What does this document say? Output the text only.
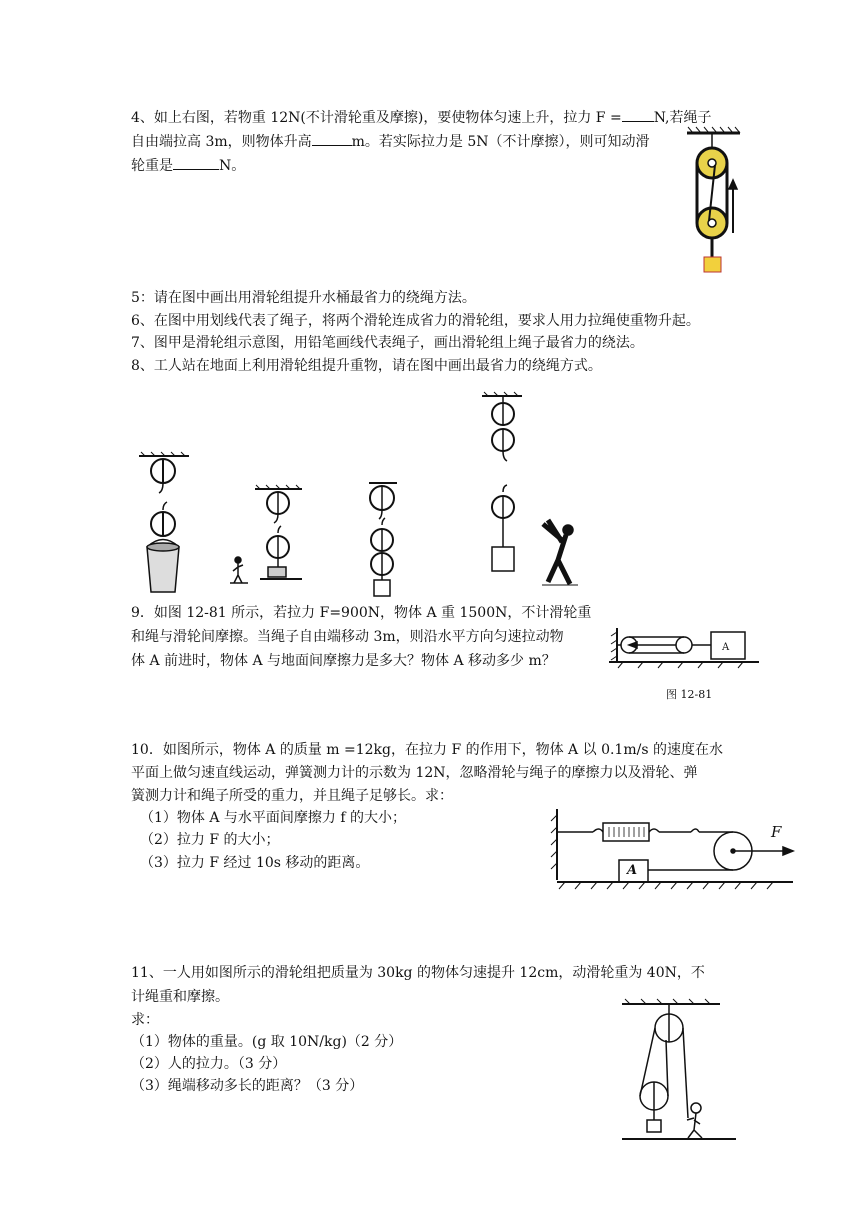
4、如上右图，若物重 12N(不计滑轮重及摩擦)，要使物体匀速上升，拉力 F = N,若绳子
自由端拉高 3m，则物体升高	m。若实际拉力是 5N（不计摩擦），则可知动滑
轮重是	N。
5：请在图中画出用滑轮组提升水桶最省力的绕绳方法。
6、在图中用划线代表了绳子，将两个滑轮连成省力的滑轮组，要求人用力拉绳使重物升起。
7、图甲是滑轮组示意图，用铅笔画线代表绳子，画出滑轮组上绳子最省力的绕法。
8、工人站在地面上利用滑轮组提升重物，请在图中画出最省力的绕绳方式。
9．如图 12-81 所示，若拉力 F=900N，物体 A 重 1500N，不计滑轮重
和绳与滑轮间摩擦。当绳子自由端移动 3m，则沿水平方向匀速拉动物
体 A 前进时，物体 A 与地面间摩擦力是多大？物体 A 移动多少 m？
A
图 12-81
10．如图所示，物体 A 的质量 m =12kg，在拉力 F 的作用下，物体 A 以 0.1m/s 的速度在水
平面上做匀速直线运动，弹簧测力计的示数为 12N，忽略滑轮与绳子的摩擦力以及滑轮、弹
簧测力计和绳子所受的重力，并且绳子足够长。求：
（1）物体 A 与水平面间摩擦力 f 的大小；
（2）拉力 F 的大小；
（3）拉力 F 经过 10s 移动的距离。	A
F
11、一人用如图所示的滑轮组把质量为 30kg 的物体匀速提升 12cm，动滑轮重为 40N，不
计绳重和摩擦。
求：
（1）物体的重量。(g 取 10N/kg)（2 分）
（2）人的拉力。（3 分）
（3）绳端移动多长的距离？（3 分）
